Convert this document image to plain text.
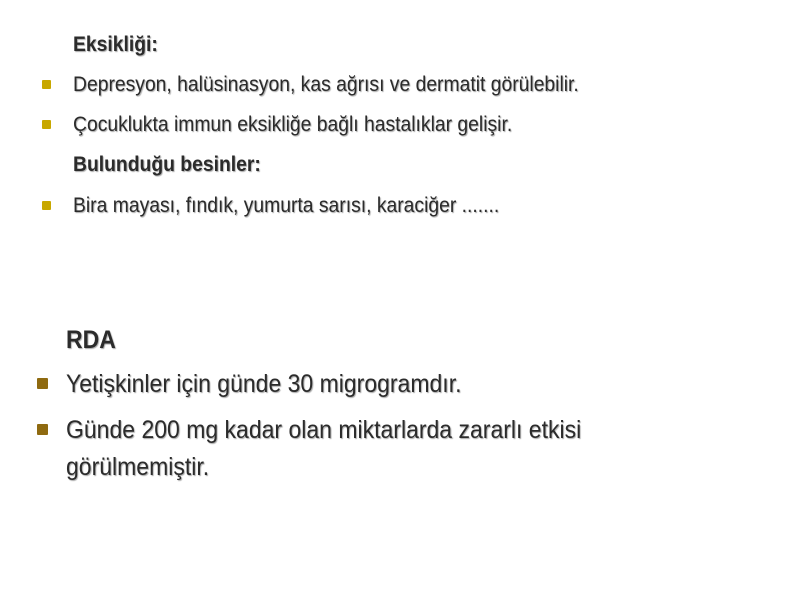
Eksikliği:
Depresyon, halüsinasyon, kas ağrısı ve dermatit görülebilir.
Çocuklukta immun eksikliğe bağlı hastalıklar gelişir.
Bulunduğu besinler:
Bira mayası, fındık, yumurta sarısı, karaciğer .......
RDA
Yetişkinler için günde 30 migrogramdır.
Günde 200 mg kadar olan miktarlarda zararlı etkisi görülmemiştir.
